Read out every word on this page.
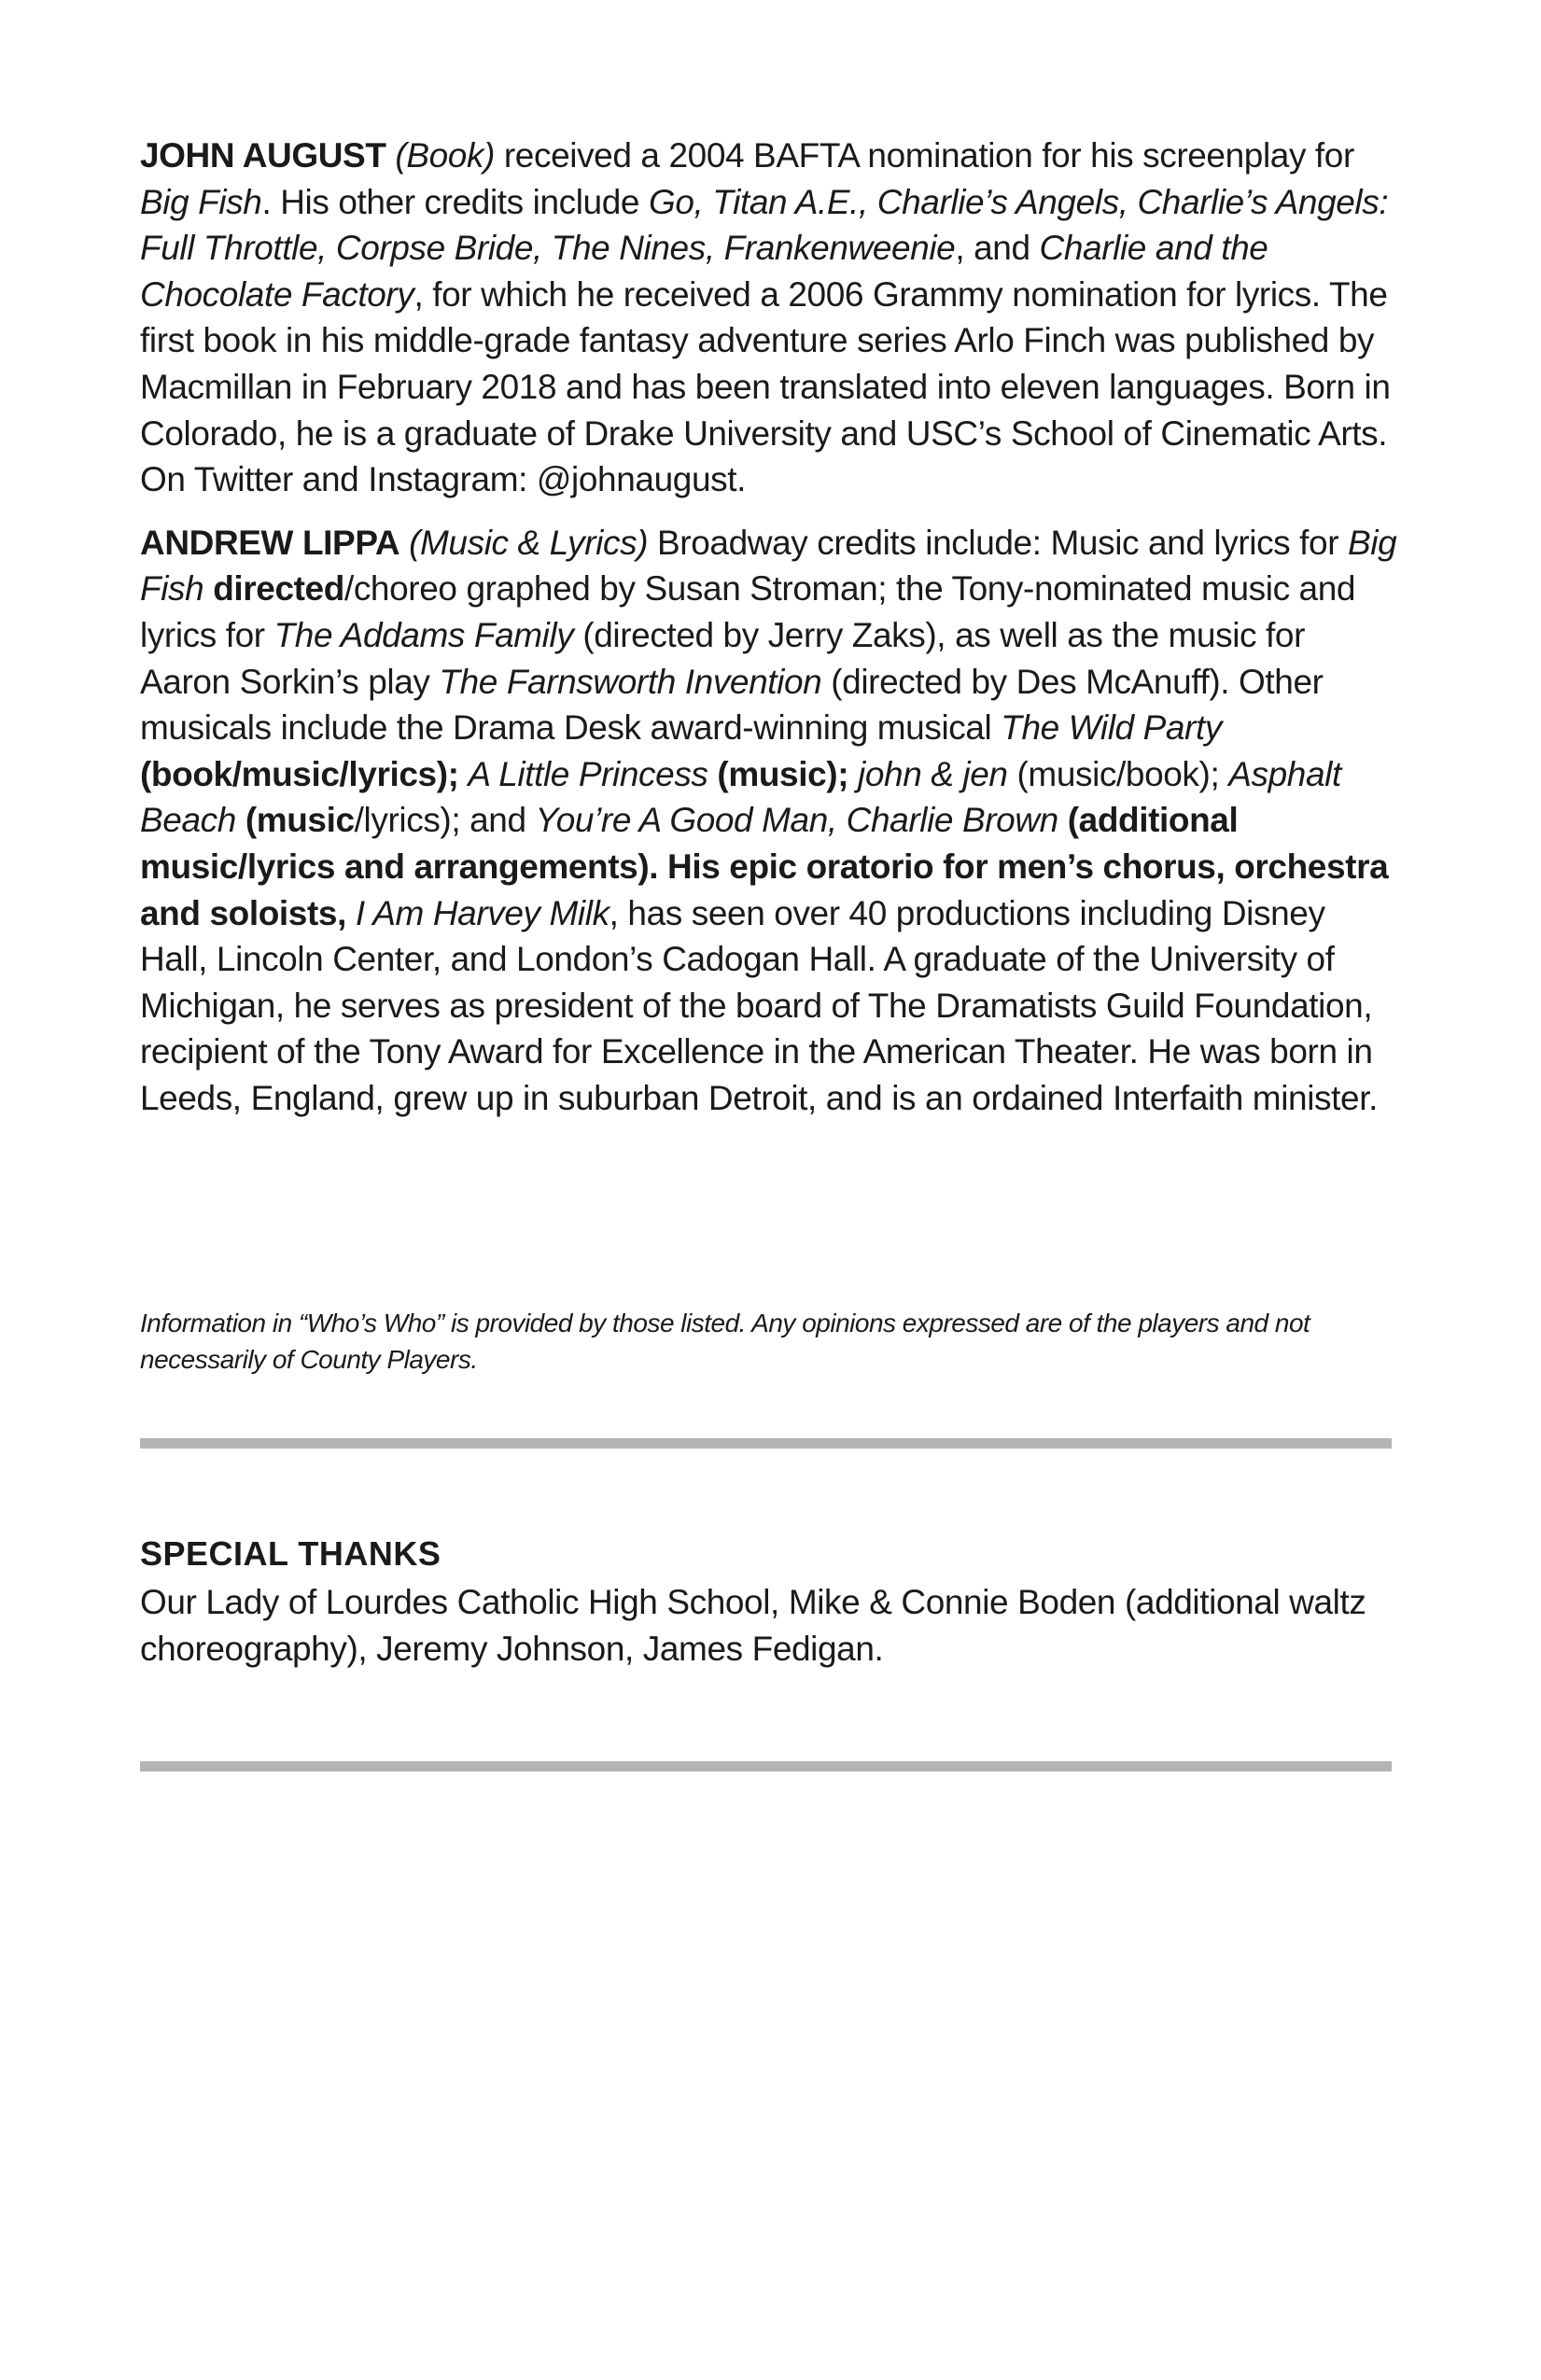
JOHN AUGUST (Book) received a 2004 BAFTA nomination for his screenplay for Big Fish. His other credits include Go, Titan A.E., Charlie’s Angels, Charlie’s Angels: Full Throttle, Corpse Bride, The Nines, Frankenweenie, and Charlie and the Chocolate Factory, for which he received a 2006 Grammy nomination for lyrics. The first book in his middle-grade fantasy adventure series Arlo Finch was published by Macmillan in February 2018 and has been translated into eleven languages. Born in Colorado, he is a graduate of Drake University and USC’s School of Cinematic Arts. On Twitter and Instagram: @johnaugust.

ANDREW LIPPA (Music & Lyrics) Broadway credits include: Music and lyrics for Big Fish directed/choreo graphed by Susan Stroman; the Tony-nominated music and lyrics for The Addams Family (directed by Jerry Zaks), as well as the music for Aaron Sorkin’s play The Farnsworth Invention (directed by Des McAnuff). Other musicals include the Drama Desk award-winning musical The Wild Party (book/music/lyrics); A Little Princess (music); john & jen (music/book); Asphalt Beach (music/lyrics); and You’re A Good Man, Charlie Brown (additional music/lyrics and arrangements). His epic oratorio for men’s chorus, orchestra and soloists, I Am Harvey Milk, has seen over 40 productions including Disney Hall, Lincoln Center, and London’s Cadogan Hall. A graduate of the University of Michigan, he serves as president of the board of The Dramatists Guild Foundation, recipient of the Tony Award for Excellence in the American Theater. He was born in Leeds, England, grew up in suburban Detroit, and is an ordained Interfaith minister.

Information in “Who’s Who” is provided by those listed. Any opinions expressed are of the players and not necessarily of County Players.
SPECIAL THANKS
Our Lady of Lourdes Catholic High School, Mike & Connie Boden (additional waltz choreography), Jeremy Johnson, James Fedigan.
